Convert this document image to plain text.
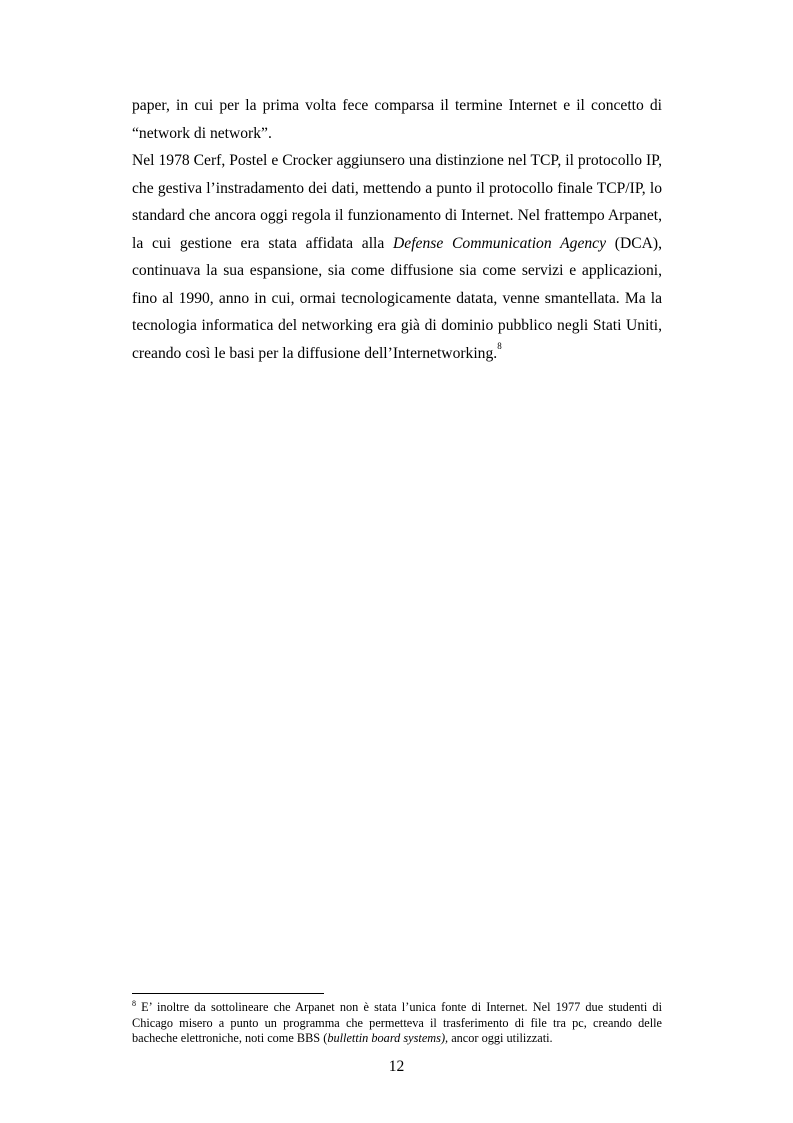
paper, in cui per la prima volta fece comparsa il termine Internet e il concetto di “network di network”.

Nel 1978 Cerf, Postel e Crocker aggiunsero una distinzione nel TCP, il protocollo IP, che gestiva l’instradamento dei dati, mettendo a punto il protocollo finale TCP/IP, lo standard che ancora oggi regola il funzionamento di Internet. Nel frattempo Arpanet, la cui gestione era stata affidata alla Defense Communication Agency (DCA), continuava la sua espansione, sia come diffusione sia come servizi e applicazioni, fino al 1990, anno in cui, ormai tecnologicamente datata, venne smantellata. Ma la tecnologia informatica del networking era già di dominio pubblico negli Stati Uniti, creando così le basi per la diffusione dell’Internetworking.$^8$

$^8$ E’ inoltre da sottolineare che Arpanet non è stata l’unica fonte di Internet. Nel 1977 due studenti di Chicago misero a punto un programma che permetteva il trasferimento di file tra pc, creando delle bacheche elettroniche, noti come BBS (bullettin board systems), ancor oggi utilizzati.
12
